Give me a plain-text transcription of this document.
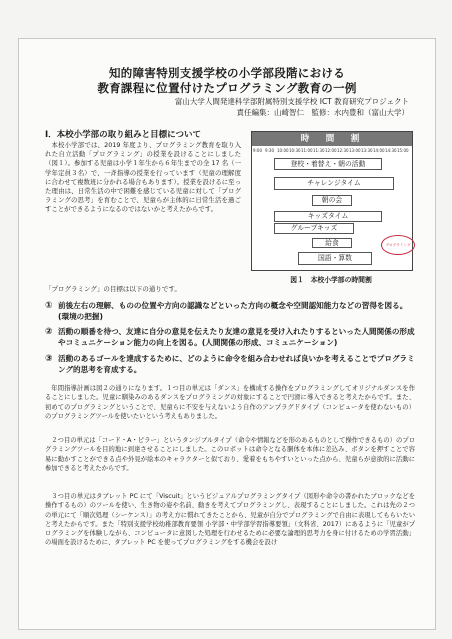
知的障害特別支援学校の小学部段階における
教育課程に位置付けたプログラミング教育の一例
富山大学人間発達科学部附属特別支援学校 ICT 教育研究プロジェクト
責任編集：山崎智仁　監修：水内豊和（富山大学）
Ⅰ．本校小学部の取り組みと目標について
本校小学部では、2019 年度より、プログラミング教育を取り入れた自立活動「プログラミング」の授業を設けることにしました（図１）。参加する児童は小学１年生から６年生までの全 17 名（一学年定員３名）で、一斉指導の授業を行っています（児童の理解度に合わせて複数班に分かれる場合もあります）。授業を設けるに至った理由は、日常生活の中で困難を感じている児童に対して「プログラミングの思考」を育むことで、児童らが主体的に日常生活を過ごすことができるようになるのではないかと考えたからです。
時　間　割
9:00 9:30 10:00 10:30 11:00 11:30 12:00 12:30 13:00 13:30 14:00 14:30 15:00
登校・着替え・朝の活動
チャレンジタイム
朝の会
キッズタイム
グループキッズ
給食
国語・算数
プログラミング
図１　本校小学部の時間割
「プログラミング」の目標は以下の通りです。
① 前後左右の理解、ものの位置や方向の認識などといった方向の概念や空間認知能力などの習得を図る。(環境の把握)
② 活動の順番を待つ、友達に自分の意見を伝えたり友達の意見を受け入れたりするといった人間関係の形成やコミュニケーション能力の向上を図る。(人間関係の形成、コミュニケーション)
③ 活動のあるゴールを達成するために、どのように命令を組み合わせれば良いかを考えることでプログラミング的思考を育成する。
年間指導計画は図２の通りになります。１つ目の単元は「ダンス」を構成する操作をプログラミングしてオリジナルダンスを作ることにしました。児童に馴染みのあるダンスをプログラミングの対象にすることで円滑に導入できると考えたからです。また、初めてのプログラミングということで、児童らに不安を与えないよう自作のアンプラグドタイプ（コンピュータを使わないもの）のプログラミングツールを使いたいという考えもありました。
２つ目の単元は「コード・A・ピラー」というタンジブルタイプ（命令や情報などを形のあるものとして操作できるもの）のプログラミングツールを目的地に到達させることにしました。このロボットは命令となる胴体を本体に差込み、ボタンを押すことで容易に動かすことができる点や外見が絵本のキャラクターと似ており、愛着をもちやすいといった点から、児童らが意欲的に活動に参加できると考えたからです。
３つ目の単元はタブレット PC にて「Viscuit」というビジュアルプログラミングタイプ（図形や命令の書かれたブロックなどを操作するもの）のツールを使い、生き物の姿や名前、動きを考えてプログラミングし、表現することにしました。これは先の２つの単元にて「順次処理（シーケンス）」の考え方に慣れてきたことから、児童が自分でプログラミングで自由に表現してもらいたいと考えたからです。また「特別支援学校幼稚部教育要領 小学部・中学部学習指導要領」（文科省、2017）にあるように「児童がプログラミングを体験しながら、コンピュータに意図した処理を行わせるために必要な論理的思考力を身に付けるための学習活動」の場面を設けるために、タブレット PC を使ってプログラミングをする機会を設け
